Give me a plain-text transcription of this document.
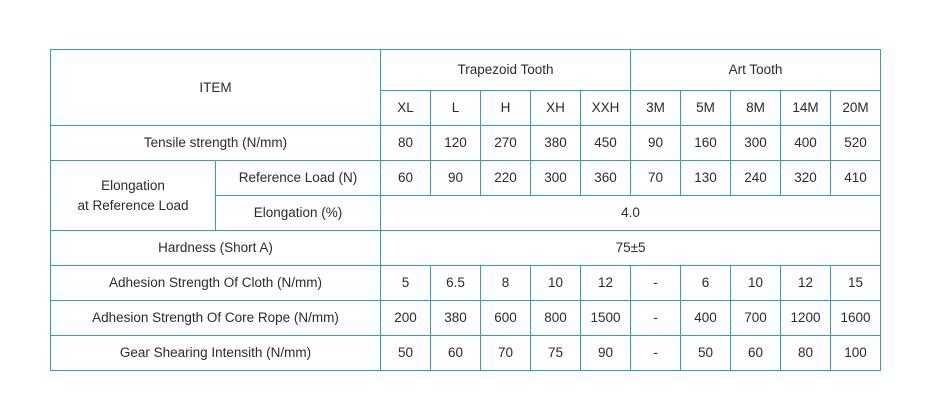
ITEM		Trapezoid Tooth					Art Tooth				
		XL	L	H	XH	XXH	3M	5M	8M	14M	20M
Tensile strength (N/mm)		80	120	270	380	450	90	160	300	400	520

Elongation
at Reference Load	Reference Load (N)	60	90	220	300	360	70	130	240	320	410
	Elongation (%)	4.0									
Hardness (Short A)		75±5									
Adhesion Strength Of Cloth (N/mm)		5	6.5	8	10	12	-	6	10	12	15
Adhesion Strength Of Core Rope (N/mm)		200	380	600	800	1500	-	400	700	1200	1600
Gear Shearing Intensith (N/mm)		50	60	70	75	90	-	50	60	80	100
